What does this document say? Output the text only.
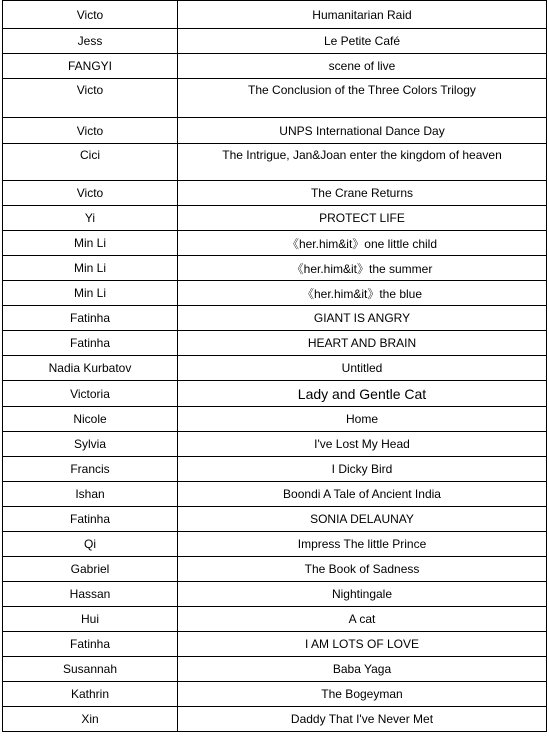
Victo	Humanitarian Raid
Jess	Le Petite Café
FANGYI	scene of live
Victo	The Conclusion of the Three Colors Trilogy
Victo	UNPS International Dance Day
Cici	The Intrigue, Jan&Joan enter the kingdom of heaven
Victo	The Crane Returns
Yi	PROTECT LIFE
Min Li	《her.him&it》one little child
Min Li	《her.him&it》the summer
Min Li	《her.him&it》the blue
Fatinha	GIANT IS ANGRY
Fatinha	HEART AND BRAIN
Nadia Kurbatov	Untitled
Victoria	Lady and Gentle Cat
Nicole	Home
Sylvia	I've Lost My Head
Francis	I Dicky Bird
Ishan	Boondi A Tale of Ancient India
Fatinha	SONIA DELAUNAY
Qi	Impress The little Prince
Gabriel	The Book of Sadness
Hassan	Nightingale
Hui	A cat
Fatinha	I AM LOTS OF LOVE
Susannah	Baba Yaga
Kathrin	The Bogeyman
Xin	Daddy That I've Never Met
